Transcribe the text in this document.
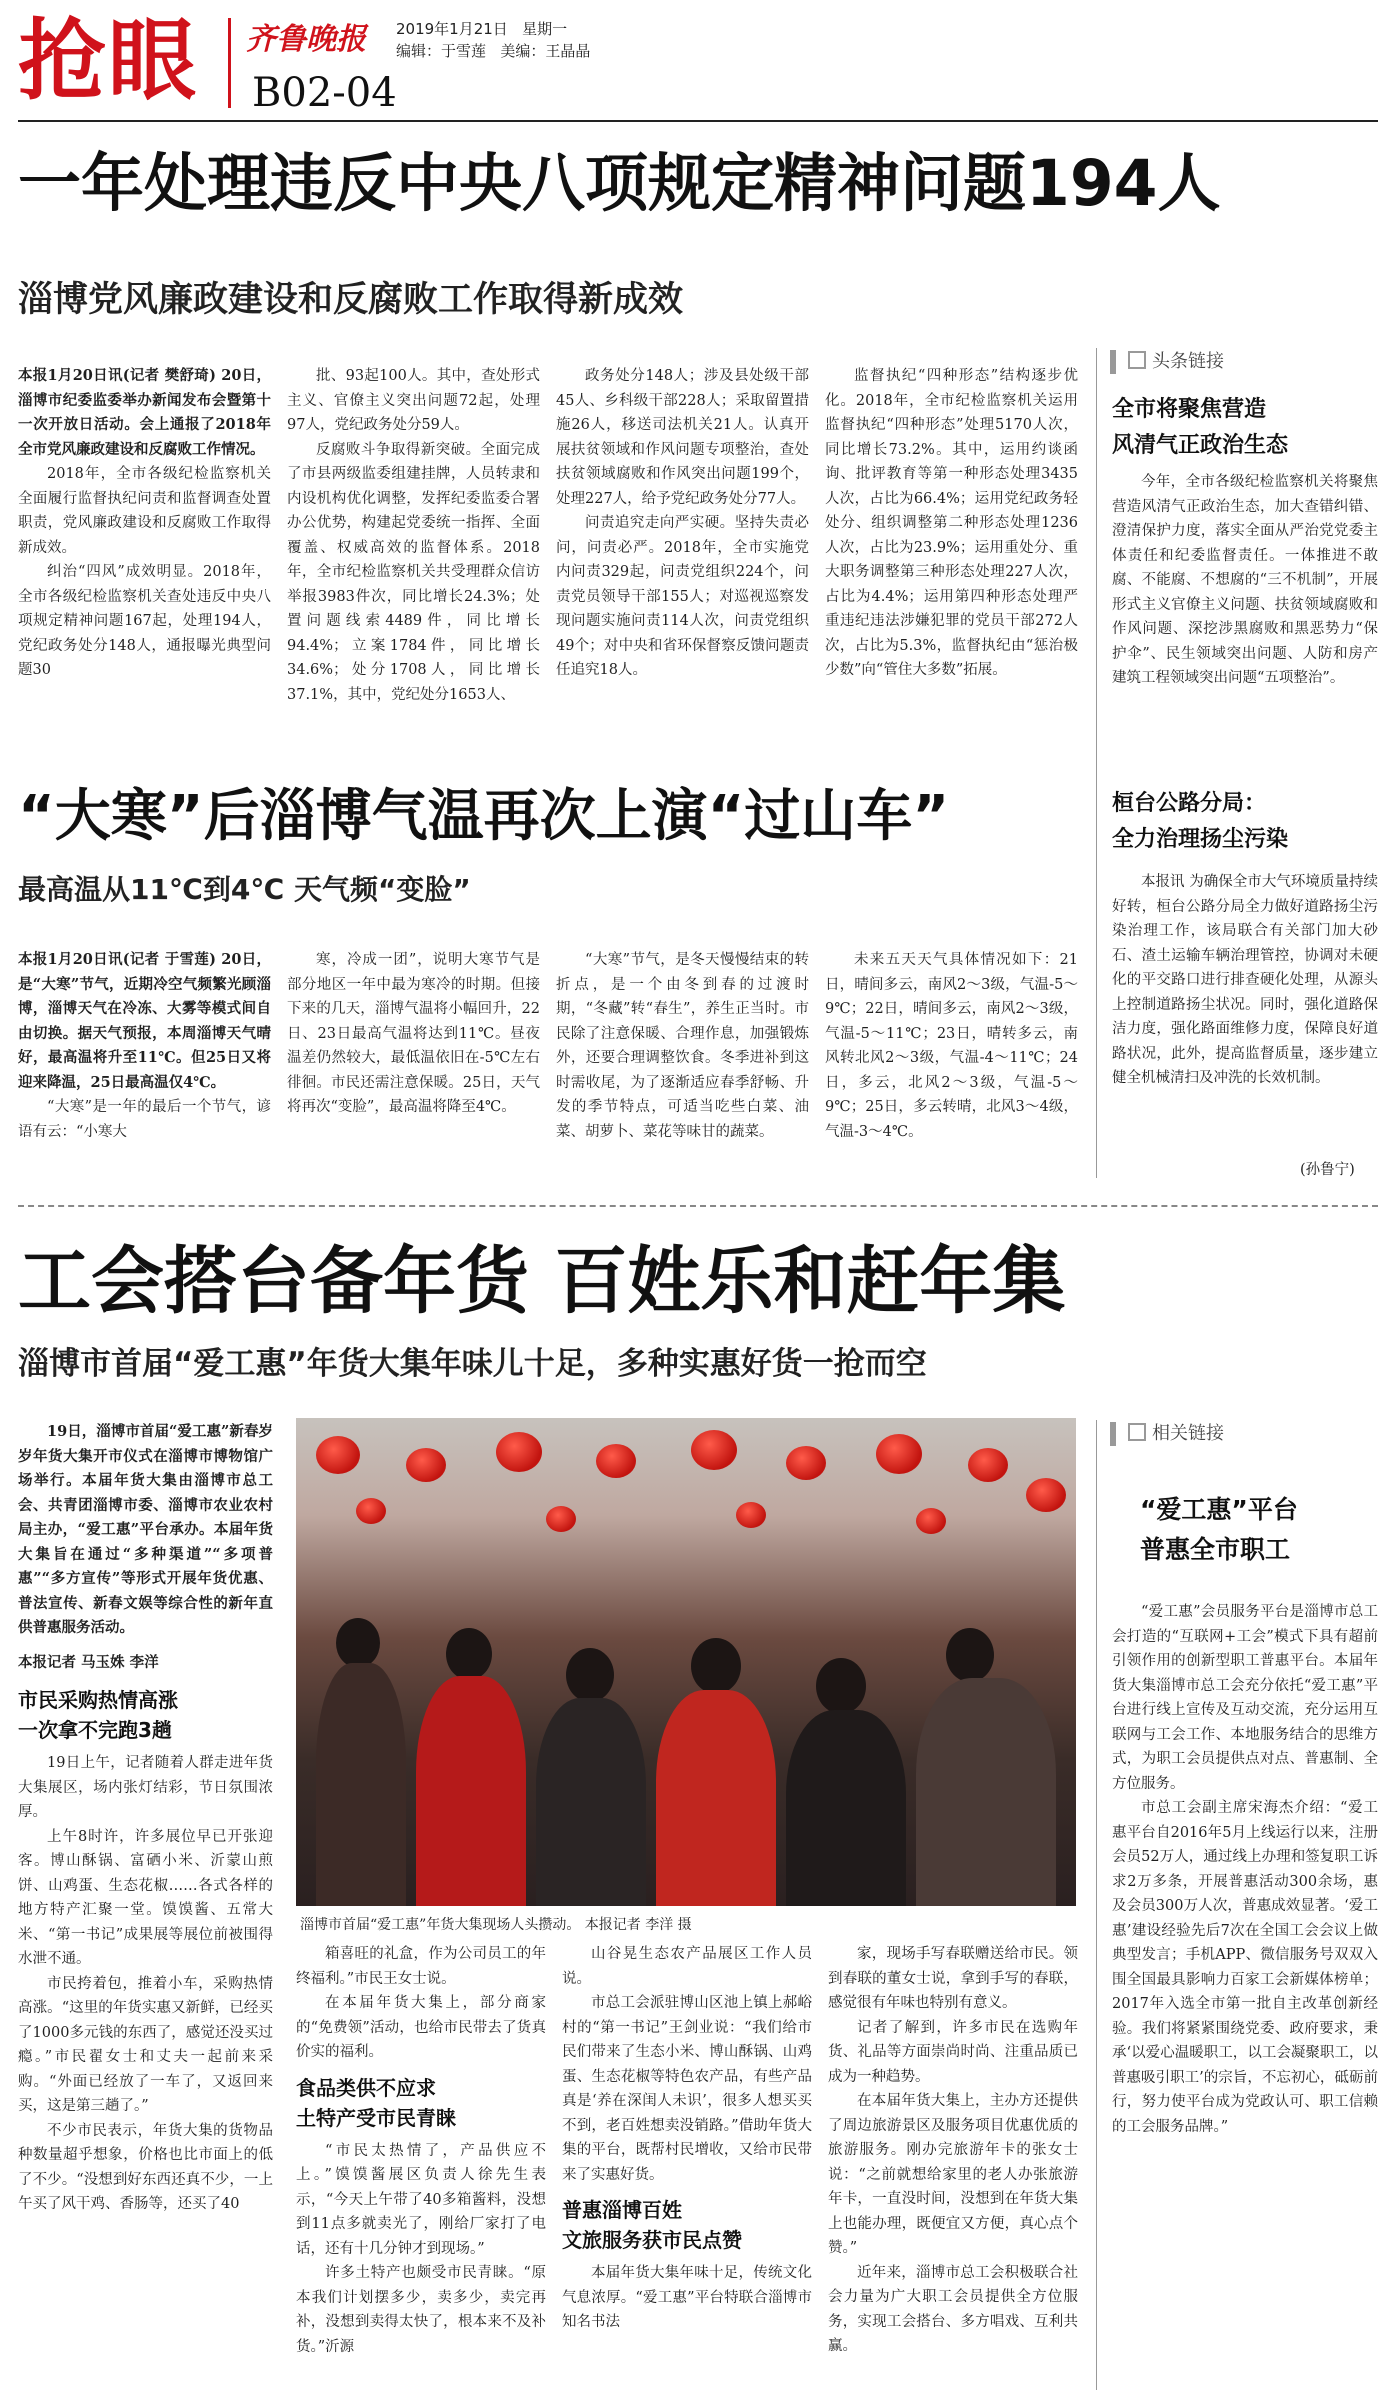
抢眼 齐鲁晚报 2019年1月21日 星期一
编辑：于雪莲 美编：王晶晶
B02-04
一年处理违反中央八项规定精神问题194人
淄博党风廉政建设和反腐败工作取得新成效

本报1月20日讯(记者 樊舒琦) 20日，淄博市纪委监委举办新闻发布会暨第十一次开放日活动。会上通报了2018年全市党风廉政建设和反腐败工作情况。

2018年，全市各级纪检监察机关全面履行监督执纪问责和监督调查处置职责，党风廉政建设和反腐败工作取得新成效。

纠治“四风”成效明显。2018年，全市各级纪检监察机关查处违反中央八项规定精神问题167起，处理194人，党纪政务处分148人，通报曝光典型问题30

批、93起100人。其中，查处形式主义、官僚主义突出问题72起，处理97人，党纪政务处分59人。

反腐败斗争取得新突破。全面完成了市县两级监委组建挂牌，人员转隶和内设机构优化调整，发挥纪委监委合署办公优势，构建起党委统一指挥、全面覆盖、权威高效的监督体系。2018年，全市纪检监察机关共受理群众信访举报3983件次，同比增长24.3%；处置问题线索4489件，同比增长94.4%；立案1784件，同比增长34.6%；处分1708人，同比增长37.1%，其中，党纪处分1653人、

政务处分148人；涉及县处级干部45人、乡科级干部228人；采取留置措施26人，移送司法机关21人。认真开展扶贫领域和作风问题专项整治，查处扶贫领域腐败和作风突出问题199个，处理227人，给予党纪政务处分77人。

问责追究走向严实硬。坚持失责必问，问责必严。2018年，全市实施党内问责329起，问责党组织224个，问责党员领导干部155人；对巡视巡察发现问题实施问责114人次，问责党组织49个；对中央和省环保督察反馈问题责任追究18人。

监督执纪“四种形态”结构逐步优化。2018年，全市纪检监察机关运用监督执纪“四种形态”处理5170人次，同比增长73.2%。其中，运用约谈函询、批评教育等第一种形态处理3435人次，占比为66.4%；运用党纪政务轻处分、组织调整第二种形态处理1236人次，占比为23.9%；运用重处分、重大职务调整第三种形态处理227人次，占比为4.4%；运用第四种形态处理严重违纪违法涉嫌犯罪的党员干部272人次，占比为5.3%，监督执纪由“惩治极少数”向“管住大多数”拓展。

头条链接
全市将聚焦营造
风清气正政治生态

今年，全市各级纪检监察机关将聚焦营造风清气正政治生态，加大查错纠错、澄清保护力度，落实全面从严治党党委主体责任和纪委监督责任。一体推进不敢腐、不能腐、不想腐的“三不机制”，开展形式主义官僚主义问题、扶贫领域腐败和作风问题、深挖涉黑腐败和黑恶势力“保护伞”、民生领域突出问题、人防和房产建筑工程领域突出问题“五项整治”。

桓台公路分局：
全力治理扬尘污染

本报讯 为确保全市大气环境质量持续好转，桓台公路分局全力做好道路扬尘污染治理工作，该局联合有关部门加大砂石、渣土运输车辆治理管控，协调对未硬化的平交路口进行排查硬化处理，从源头上控制道路扬尘状况。同时，强化道路保洁力度，强化路面维修力度，保障良好道路状况，此外，提高监督质量，逐步建立健全机械清扫及冲洗的长效机制。

(孙鲁宁)
“大寒”后淄博气温再次上演“过山车”
最高温从11℃到4℃ 天气频“变脸”

本报1月20日讯(记者 于雪莲) 20日，是“大寒”节气，近期冷空气频繁光顾淄博，淄博天气在冷冻、大雾等模式间自由切换。据天气预报，本周淄博天气晴好，最高温将升至11℃。但25日又将迎来降温，25日最高温仅4℃。

“大寒”是一年的最后一个节气，谚语有云：“小寒大

寒，冷成一团”，说明大寒节气是部分地区一年中最为寒冷的时期。但接下来的几天，淄博气温将小幅回升，22日、23日最高气温将达到11℃。昼夜温差仍然较大，最低温依旧在-5℃左右徘徊。市民还需注意保暖。25日，天气将再次“变脸”，最高温将降至4℃。

“大寒”节气，是冬天慢慢结束的转折点，是一个由冬到春的过渡时期，“冬藏”转“春生”，养生正当时。市民除了注意保暖、合理作息，加强锻炼外，还要合理调整饮食。冬季进补到这时需收尾，为了逐渐适应春季舒畅、升发的季节特点，可适当吃些白菜、油菜、胡萝卜、菜花等味甘的蔬菜。

未来五天天气具体情况如下：21日，晴间多云，南风2～3级，气温-5～9℃；22日，晴间多云，南风2～3级，气温-5～11℃；23日，晴转多云，南风转北风2～3级，气温-4～11℃；24日，多云，北风2～3级，气温-5～9℃；25日，多云转晴，北风3～4级，气温-3～4℃。

工会搭台备年货 百姓乐和赶年集
淄博市首届“爱工惠”年货大集年味儿十足，多种实惠好货一抢而空

19日，淄博市首届“爱工惠”新春岁岁年货大集开市仪式在淄博市博物馆广场举行。本届年货大集由淄博市总工会、共青团淄博市委、淄博市农业农村局主办，“爱工惠”平台承办。本届年货大集旨在通过“多种渠道”“多项普惠”“多方宣传”等形式开展年货优惠、普法宣传、新春文娱等综合性的新年直供普惠服务活动。

本报记者 马玉姝 李洋

市民采购热情高涨
一次拿不完跑3趟

19日上午，记者随着人群走进年货大集展区，场内张灯结彩，节日氛围浓厚。

上午8时许，许多展位早已开张迎客。博山酥锅、富硒小米、沂蒙山煎饼、山鸡蛋、生态花椒……各式各样的地方特产汇聚一堂。馍馍酱、五常大米、“第一书记”成果展等展位前被围得水泄不通。

市民挎着包，推着小车，采购热情高涨。“这里的年货实惠又新鲜，已经买了1000多元钱的东西了，感觉还没买过瘾。”市民翟女士和丈夫一起前来采购。“外面已经放了一车了，又返回来买，这是第三趟了。”

不少市民表示，年货大集的货物品种数量超乎想象，价格也比市面上的低了不少。“没想到好东西还真不少，一上午买了风干鸡、香肠等，还买了40

淄博市首届“爱工惠”年货大集现场人头攒动。 本报记者 李洋 摄

箱喜旺的礼盒，作为公司员工的年终福利。”市民王女士说。

在本届年货大集上，部分商家的“免费领”活动，也给市民带去了货真价实的福利。

食品类供不应求
土特产受市民青睐

“市民太热情了，产品供应不上。”馍馍酱展区负责人徐先生表示，“今天上午带了40多箱酱料，没想到11点多就卖光了，刚给厂家打了电话，还有十几分钟才到现场。”

许多土特产也颇受市民青睐。“原本我们计划摆多少，卖多少，卖完再补，没想到卖得太快了，根本来不及补货。”沂源

山谷晃生态农产品展区工作人员说。

市总工会派驻博山区池上镇上郝峪村的“第一书记”王剑业说：“我们给市民们带来了生态小米、博山酥锅、山鸡蛋、生态花椒等特色农产品，有些产品真是‘养在深闺人未识’，很多人想买买不到，老百姓想卖没销路。”借助年货大集的平台，既帮村民增收，又给市民带来了实惠好货。

普惠淄博百姓
文旅服务获市民点赞

本届年货大集年味十足，传统文化气息浓厚。“爱工惠”平台特联合淄博市知名书法

家，现场手写春联赠送给市民。领到春联的董女士说，拿到手写的春联，感觉很有年味也特别有意义。

记者了解到，许多市民在选购年货、礼品等方面崇尚时尚、注重品质已成为一种趋势。

在本届年货大集上，主办方还提供了周边旅游景区及服务项目优惠优质的旅游服务。刚办完旅游年卡的张女士说：“之前就想给家里的老人办张旅游年卡，一直没时间，没想到在年货大集上也能办理，既便宜又方便，真心点个赞。”

近年来，淄博市总工会积极联合社会力量为广大职工会员提供全方位服务，实现工会搭台、多方唱戏、互利共赢。

相关链接
“爱工惠”平台
普惠全市职工

“爱工惠”会员服务平台是淄博市总工会打造的“互联网+工会”模式下具有超前引领作用的创新型职工普惠平台。本届年货大集淄博市总工会充分依托“爱工惠”平台进行线上宣传及互动交流，充分运用互联网与工会工作、本地服务结合的思维方式，为职工会员提供点对点、普惠制、全方位服务。

市总工会副主席宋海杰介绍：“爱工惠平台自2016年5月上线运行以来，注册会员52万人，通过线上办理和签复职工诉求2万多条，开展普惠活动300余场，惠及会员300万人次，普惠成效显著。‘爱工惠’建设经验先后7次在全国工会会议上做典型发言；手机APP、微信服务号双双入围全国最具影响力百家工会新媒体榜单；2017年入选全市第一批自主改革创新经验。我们将紧紧围绕党委、政府要求，秉承‘以爱心温暖职工，以工会凝聚职工，以普惠吸引职工’的宗旨，不忘初心，砥砺前行，努力使平台成为党政认可、职工信赖的工会服务品牌。”
